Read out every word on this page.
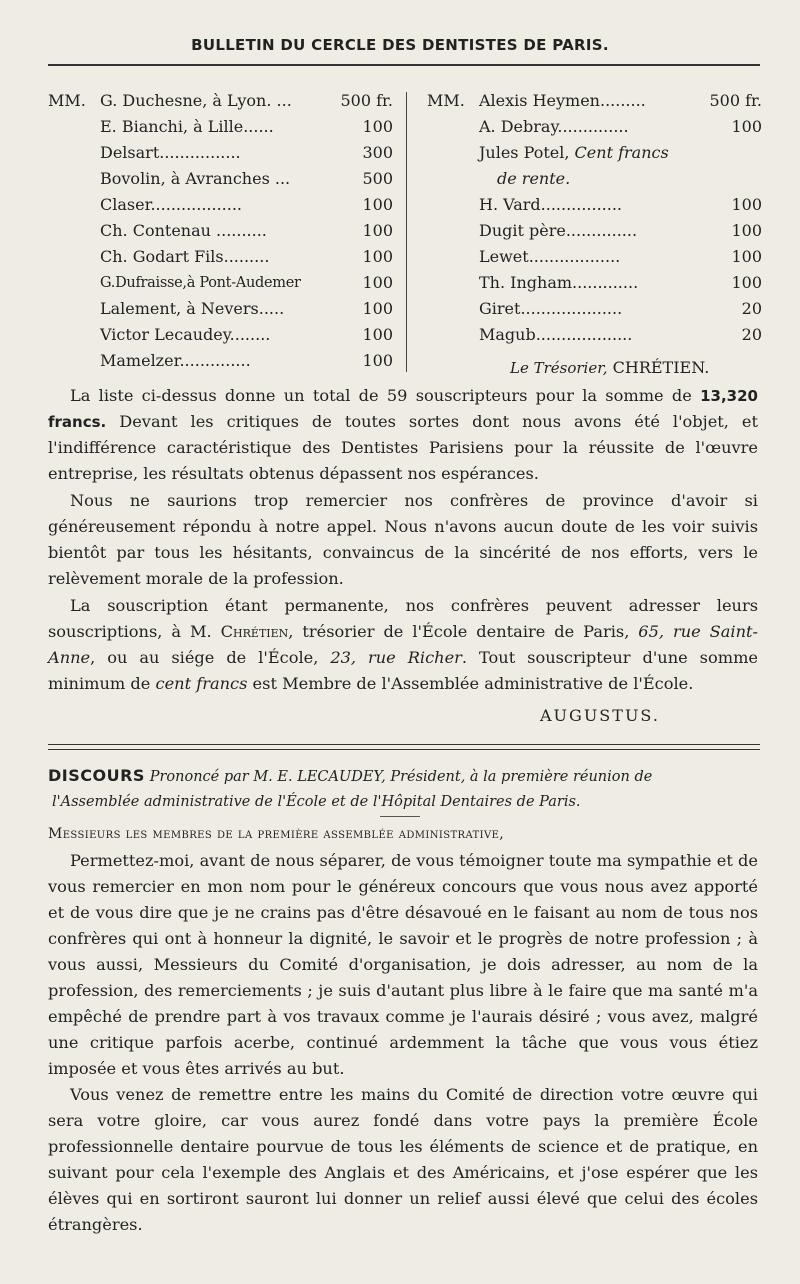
BULLETIN DU CERCLE DES DENTISTES DE PARIS.
MM. G. Duchesne, à Lyon. ...	500 fr.
E. Bianchi, à Lille......	100
Delsart................	300
Bovolin, à Avranches ...	500
Claser..................	100
Ch. Contenau ..........	100
Ch. Godart Fils.........	100
G.Dufraisse,à Pont-Audemer	100
Lalement, à Nevers.....	100
Victor Lecaudey........	100
Mamelzer..............	100
MM. Alexis Heymen.........	500 fr.
A. Debray..............	100
Jules Potel, Cent francs
de rente.
H. Vard................	100
Dugit père..............	100
Lewet..................	100
Th. Ingham.............	100
Giret....................	20
Magub...................	20
Le Trésorier, CHRÉTIEN.
La liste ci-dessus donne un total de 59 souscripteurs pour la somme de 13,320 francs. Devant les critiques de toutes sortes dont nous avons été l'objet, et l'indifférence caractéristique des Dentistes Parisiens pour la réussite de l'œuvre entreprise, les résultats obtenus dépassent nos espérances.
Nous ne saurions trop remercier nos confrères de province d'avoir si généreusement répondu à notre appel. Nous n'avons aucun doute de les voir suivis bientôt par tous les hésitants, convaincus de la sincérité de nos efforts, vers le relèvement morale de la profession.
La souscription étant permanente, nos confrères peuvent adresser leurs souscriptions, à M. Chrétien, trésorier de l'École dentaire de Paris, 65, rue Saint-Anne, ou au siége de l'École, 23, rue Richer. Tout souscripteur d'une somme minimum de cent francs est Membre de l'Assemblée administrative de l'École.
AUGUSTUS.
DISCOURS Prononcé par M. E. LECAUDEY, Président, à la première réunion de
l'Assemblée administrative de l'École et de l'Hôpital Dentaires de Paris.
Messieurs les membres de la première assemblée administrative,
Permettez-moi, avant de nous séparer, de vous témoigner toute ma sympathie et de vous remercier en mon nom pour le généreux concours que vous nous avez apporté et de vous dire que je ne crains pas d'être désavoué en le faisant au nom de tous nos confrères qui ont à honneur la dignité, le savoir et le progrès de notre profession ; à vous aussi, Messieurs du Comité d'organisation, je dois adresser, au nom de la profession, des remerciements ; je suis d'autant plus libre à le faire que ma santé m'a empêché de prendre part à vos travaux comme je l'aurais désiré ; vous avez, malgré une critique parfois acerbe, continué ardemment la tâche que vous vous étiez imposée et vous êtes arrivés au but.
Vous venez de remettre entre les mains du Comité de direction votre œuvre qui sera votre gloire, car vous aurez fondé dans votre pays la première École professionnelle dentaire pourvue de tous les éléments de science et de pratique, en suivant pour cela l'exemple des Anglais et des Américains, et j'ose espérer que les élèves qui en sortiront sauront lui donner un relief aussi élevé que celui des écoles étrangères.
